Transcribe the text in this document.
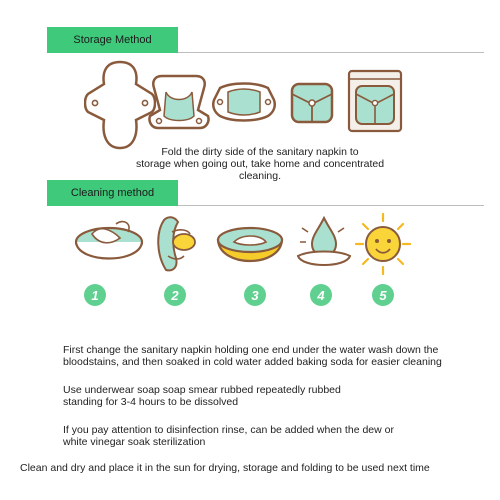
Storage Method
Fold the dirty side of the sanitary napkin to
storage when going out, take home and concentrated cleaning.
Cleaning method
1	2	3	4	5
First change the sanitary napkin holding one end under the water wash down the bloodstains, and then soaked in cold water added baking soda for easier cleaning
Use underwear soap soap smear rubbed repeatedly rubbed standing for 3-4 hours to be dissolved
If you pay attention to disinfection rinse, can be added when the dew or white vinegar soak sterilization
Clean and dry and place it in the sun for drying, storage and folding to be used next time
